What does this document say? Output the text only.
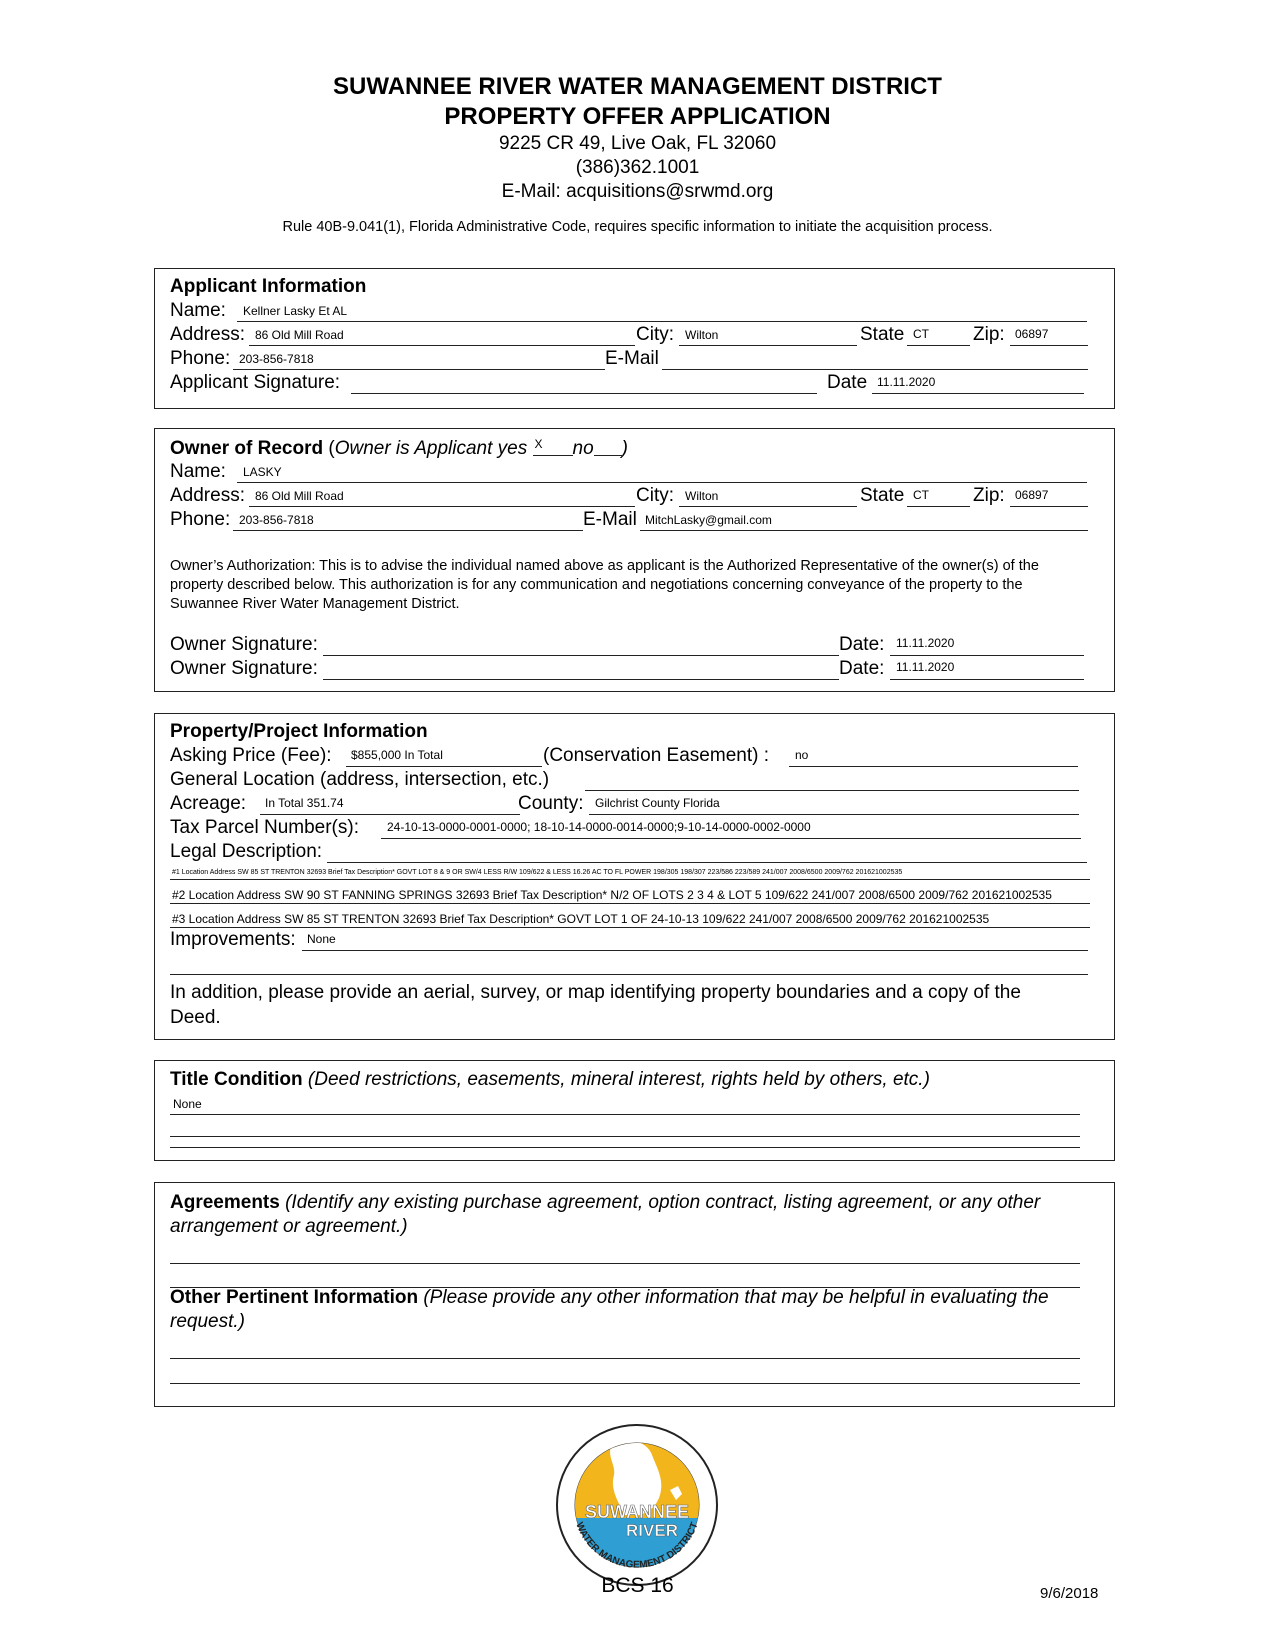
SUWANNEE RIVER WATER MANAGEMENT DISTRICT
PROPERTY OFFER APPLICATION
9225 CR 49, Live Oak, FL 32060
(386)362.1001
E-Mail: acquisitions@srwmd.org
Rule 40B-9.041(1), Florida Administrative Code, requires specific information to initiate the acquisition process.
Applicant Information
Name: Kellner Lasky Et AL
Address: 86 Old Mill Road	City: Wilton	State CT Zip: 06897
Phone: 203-856-7818	E-Mail
Applicant Signature:	Date 11.11.2020
Owner of Record (Owner is Applicant yes X no )
Name: LASKY
Address: 86 Old Mill Road	City: Wilton	State CT Zip: 06897
Phone: 203-856-7818	E-Mail MitchLasky@gmail.com
Owner’s Authorization: This is to advise the individual named above as applicant is the Authorized Representative of the owner(s) of the property described below. This authorization is for any communication and negotiations concerning conveyance of the property to the Suwannee River Water Management District.
Owner Signature:	Date: 11.11.2020
Owner Signature:	Date: 11.11.2020
Property/Project Information
Asking Price (Fee): $855,000 In Total	(Conservation Easement) : no
General Location (address, intersection, etc.)
Acreage: In Total 351.74	County: Gilchrist County Florida
Tax Parcel Number(s): 24-10-13-0000-0001-0000; 18-10-14-0000-0014-0000;9-10-14-0000-0002-0000
Legal Description:
#1 Location Address SW 85 ST TRENTON 32693 Brief Tax Description* GOVT LOT 8 & 9 OR SW/4 LESS R/W 109/622 & LESS 16.26 AC TO FL POWER 198/305 198/307 223/586 223/589 241/007 2008/6500 2009/762 201621002535
#2 Location Address SW 90 ST FANNING SPRINGS 32693 Brief Tax Description* N/2 OF LOTS 2 3 4 & LOT 5 109/622 241/007 2008/6500 2009/762 201621002535
#3 Location Address SW 85 ST TRENTON 32693 Brief Tax Description* GOVT LOT 1 OF 24-10-13 109/622 241/007 2008/6500 2009/762 201621002535
Improvements: None
In addition, please provide an aerial, survey, or map identifying property boundaries and a copy of the Deed.
Title Condition (Deed restrictions, easements, mineral interest, rights held by others, etc.)
None
Agreements (Identify any existing purchase agreement, option contract, listing agreement, or any other arrangement or agreement.)
Other Pertinent Information (Please provide any other information that may be helpful in evaluating the request.)
SUWANNEE
RIVER
WATER MANAGEMENT DISTRICT
BCS 16	9/6/2018
